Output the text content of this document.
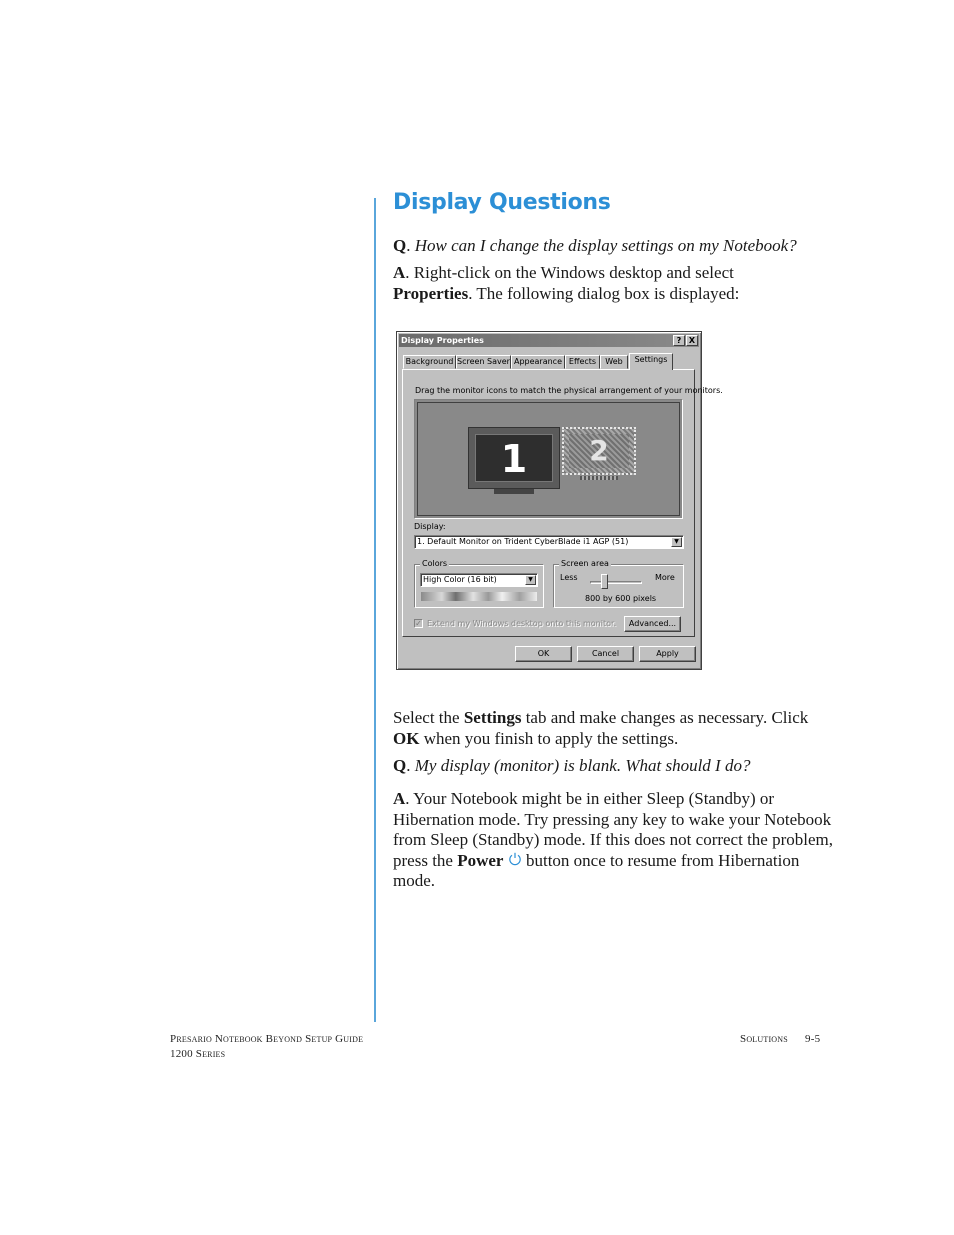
Display Questions

Q. How can I change the display settings on my Notebook?

A. Right-click on the Windows desktop and select
Properties. The following dialog box is displayed:

Display Properties	? X
Background Screen Saver Appearance Effects	Web	Settings
Drag the monitor icons to match the physical arrangement of your monitors.
1	2
Display:
1. Default Monitor on Trident CyberBlade i1 AGP (51)	▼
Colors
High Color (16 bit)	▼
Screen area
Less	More
800 by 600 pixels
✓ Extend my Windows desktop onto this monitor.	Advanced...
OK	Cancel	Apply

Select the Settings tab and make changes as necessary. Click OK when you finish to apply the settings.

Q. My display (monitor) is blank. What should I do?

A. Your Notebook might be in either Sleep (Standby) or Hibernation mode. Try pressing any key to wake your Notebook from Sleep (Standby) mode. If this does not correct the problem, press the Power  button once to resume from Hibernation mode.

Presario Notebook Beyond Setup Guide
1200 Series
Solutions 9-5
